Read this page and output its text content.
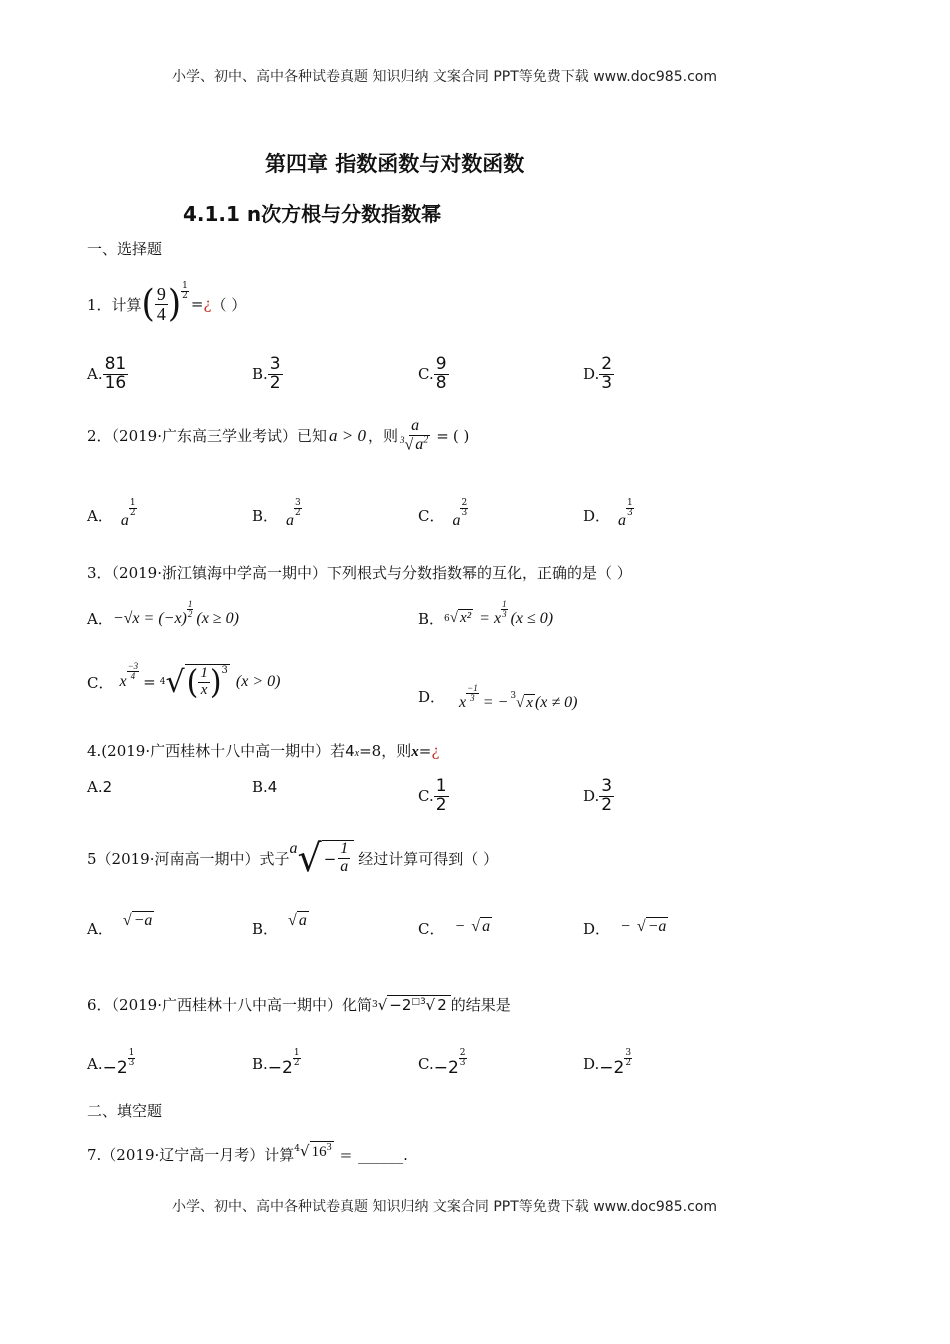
小学、初中、高中各种试卷真题 知识归纳 文案合同 PPT等免费下载 www.doc985.com
第四章 指数函数与对数函数
4.1.1 n次方根与分数指数幂
一、选择题
1．计算 ( 9
4 ) $\frac{1}{2}$
= ¿ （ ）
2．（2019·广东高三学业考试）已知 a > 0 ，则 $\frac{a}{^3√ a^2}$ = ( )
3．（2019·浙江镇海中学高一期中）下列根式与分数指数幂的互化，正确的是（ ）
A． −√x = (−x)
1
2 (x ≥ 0)	B． 6 √ x² = x
1
3 (x ≤ 0)
C． x
$\frac{-3}{4}$
= 4 √ ( 1
x )$^3$
(x > 0)
D． x $\frac{-1}{3} = -^3$ √ x (x ≠ 0)
4.(2019·广西桂林十八中高一期中）若 4 x =8，则 x = ¿
5（2019·河南高一期中）式子
a √ − $\frac{1}{a}$ 经过计算可得到（ ）
6．（2019·广西桂林十八中高一期中）化简 3 √ $-2^{□3}√$ 2 的结果是
二、填空题
7.（2019·辽宁高一月考）计算$^4$ √ $16^3$ = ______.
小学、初中、高中各种试卷真题 知识归纳 文案合同 PPT等免费下载 www.doc985.com
A.
81
16	B.
3
2	C.
9
8	D.
2
3
A． a
1
2	B． a
3
2	C． a
2
3	D． a
1
3
A. 2	B. 4
C.
1
2	D.
3
2
A． √ −a	B． √ a	C． − √ a	D． − √ −a
A. −2
1
3	B. −2
1
2	C. −2
2
3	D. −2
3
2
